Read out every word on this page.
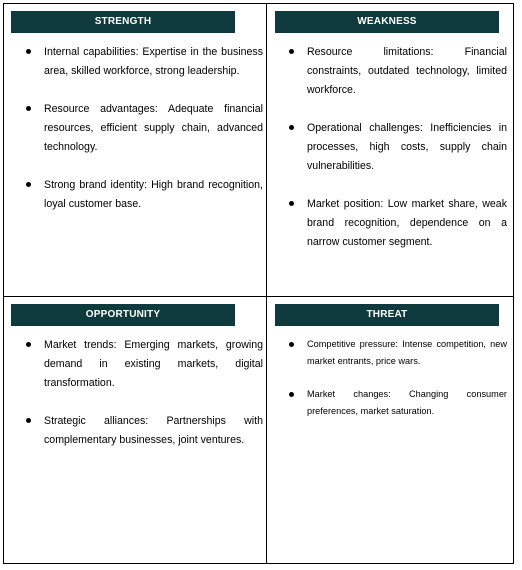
STRENGTH
Internal capabilities: Expertise in the business area, skilled workforce, strong leadership.
Resource advantages: Adequate financial resources, efficient supply chain, advanced technology.
Strong brand identity: High brand recognition, loyal customer base.
WEAKNESS
Resource limitations: Financial constraints, outdated technology, limited workforce.
Operational challenges: Inefficiencies in processes, high costs, supply chain vulnerabilities.
Market position: Low market share, weak brand recognition, dependence on a narrow customer segment.
OPPORTUNITY
Market trends: Emerging markets, growing demand in existing markets, digital transformation.
Strategic alliances: Partnerships with complementary businesses, joint ventures.
THREAT
Competitive pressure: Intense competition, new market entrants, price wars.
Market changes: Changing consumer preferences, market saturation.
